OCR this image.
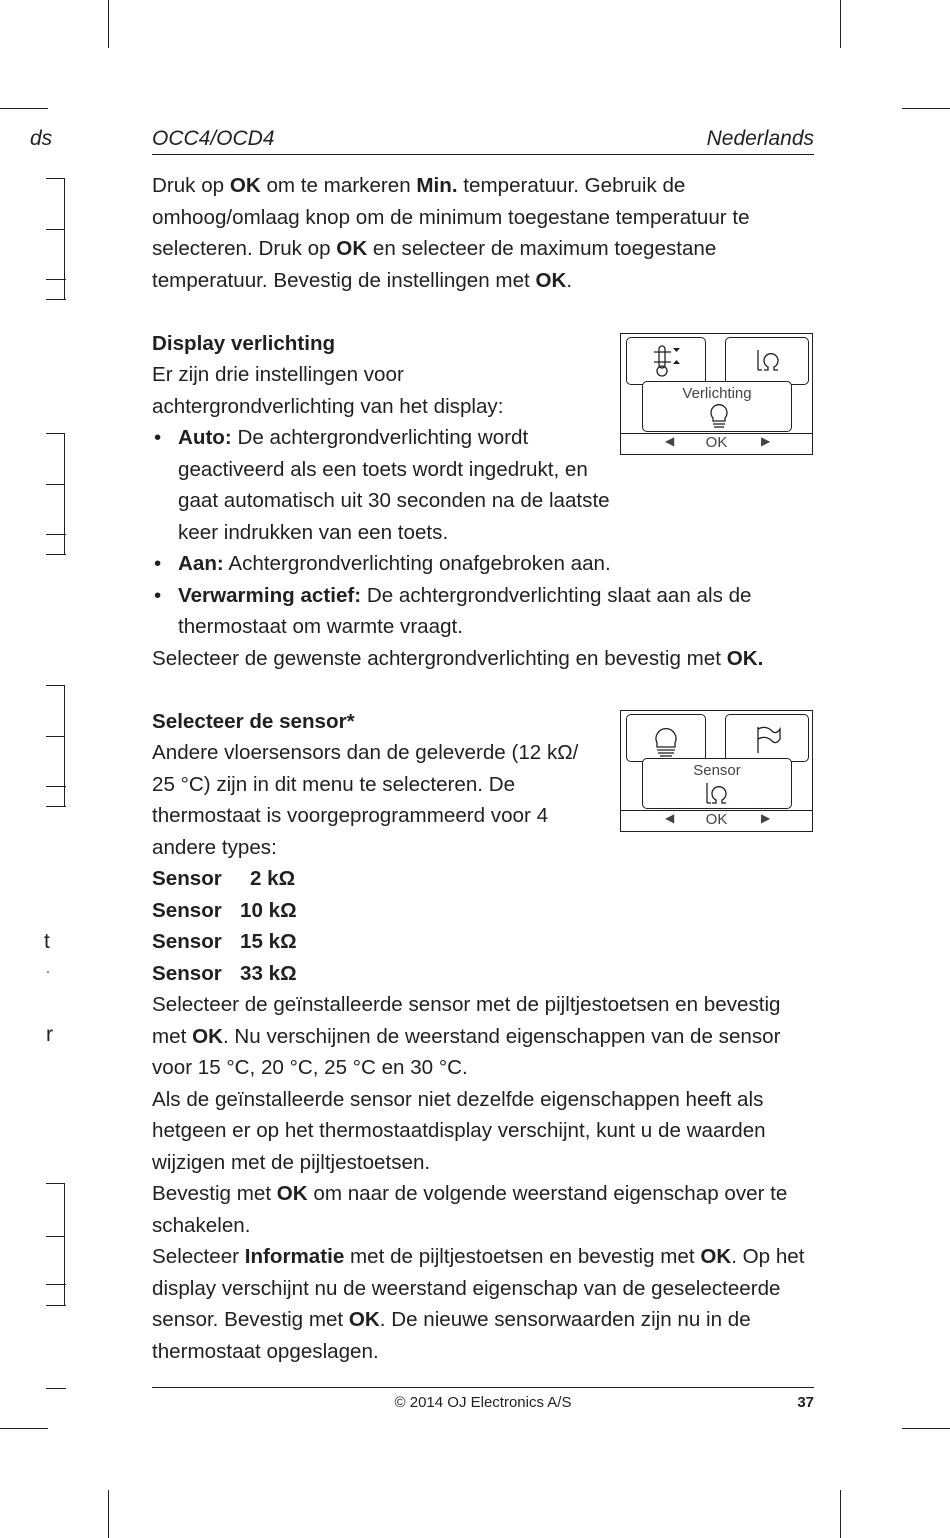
ds
t
.
r
OCC4/OCD4	Nederlands

Druk op OK om te markeren Min. temperatuur. Gebruik de omhoog/omlaag knop om de minimum toegestane temperatuur te selecteren. Druk op OK en selecteer de maximum toegestane temperatuur. Bevestig de instellingen met OK.

Display verlichting

Er zijn drie instellingen voor achtergrondverlichting van het display:

• Auto: De achtergrondverlichting wordt geactiveerd als een toets wordt ingedrukt, en gaat automatisch uit 30 seconden na de laatste keer indrukken van een toets.
• Aan: Achtergrondverlichting onafgebroken aan.
• Verwarming actief: De achtergrondverlichting slaat aan als de thermostaat om warmte vraagt.

Selecteer de gewenste achtergrondverlichting en bevestig met OK.

Selecteer de sensor*

Andere vloersensors dan de geleverde (12 kΩ/ 25 °C) zijn in dit menu te selecteren. De thermostaat is voorgeprogrammeerd voor 4 andere types:

Sensor	2 kΩ
Sensor 10 kΩ
Sensor 15 kΩ
Sensor 33 kΩ

Selecteer de geïnstalleerde sensor met de pijltjestoetsen en bevestig met OK. Nu verschijnen de weerstand eigenschappen van de sensor voor 15 °C, 20 °C, 25 °C en 30 °C.

Als de geïnstalleerde sensor niet dezelfde eigenschappen heeft als hetgeen er op het thermostaatdisplay verschijnt, kunt u de waarden wijzigen met de pijltjestoetsen.

Bevestig met OK om naar de volgende weerstand eigenschap over te schakelen.

Selecteer Informatie met de pijltjestoetsen en bevestig met OK. Op het display verschijnt nu de weerstand eigenschap van de geselecteerde sensor. Bevestig met OK. De nieuwe sensorwaarden zijn nu in de thermostaat opgeslagen.

Verlichting
◀	OK	▶
Sensor
◀	OK	▶
© 2014 OJ Electronics A/S	37
